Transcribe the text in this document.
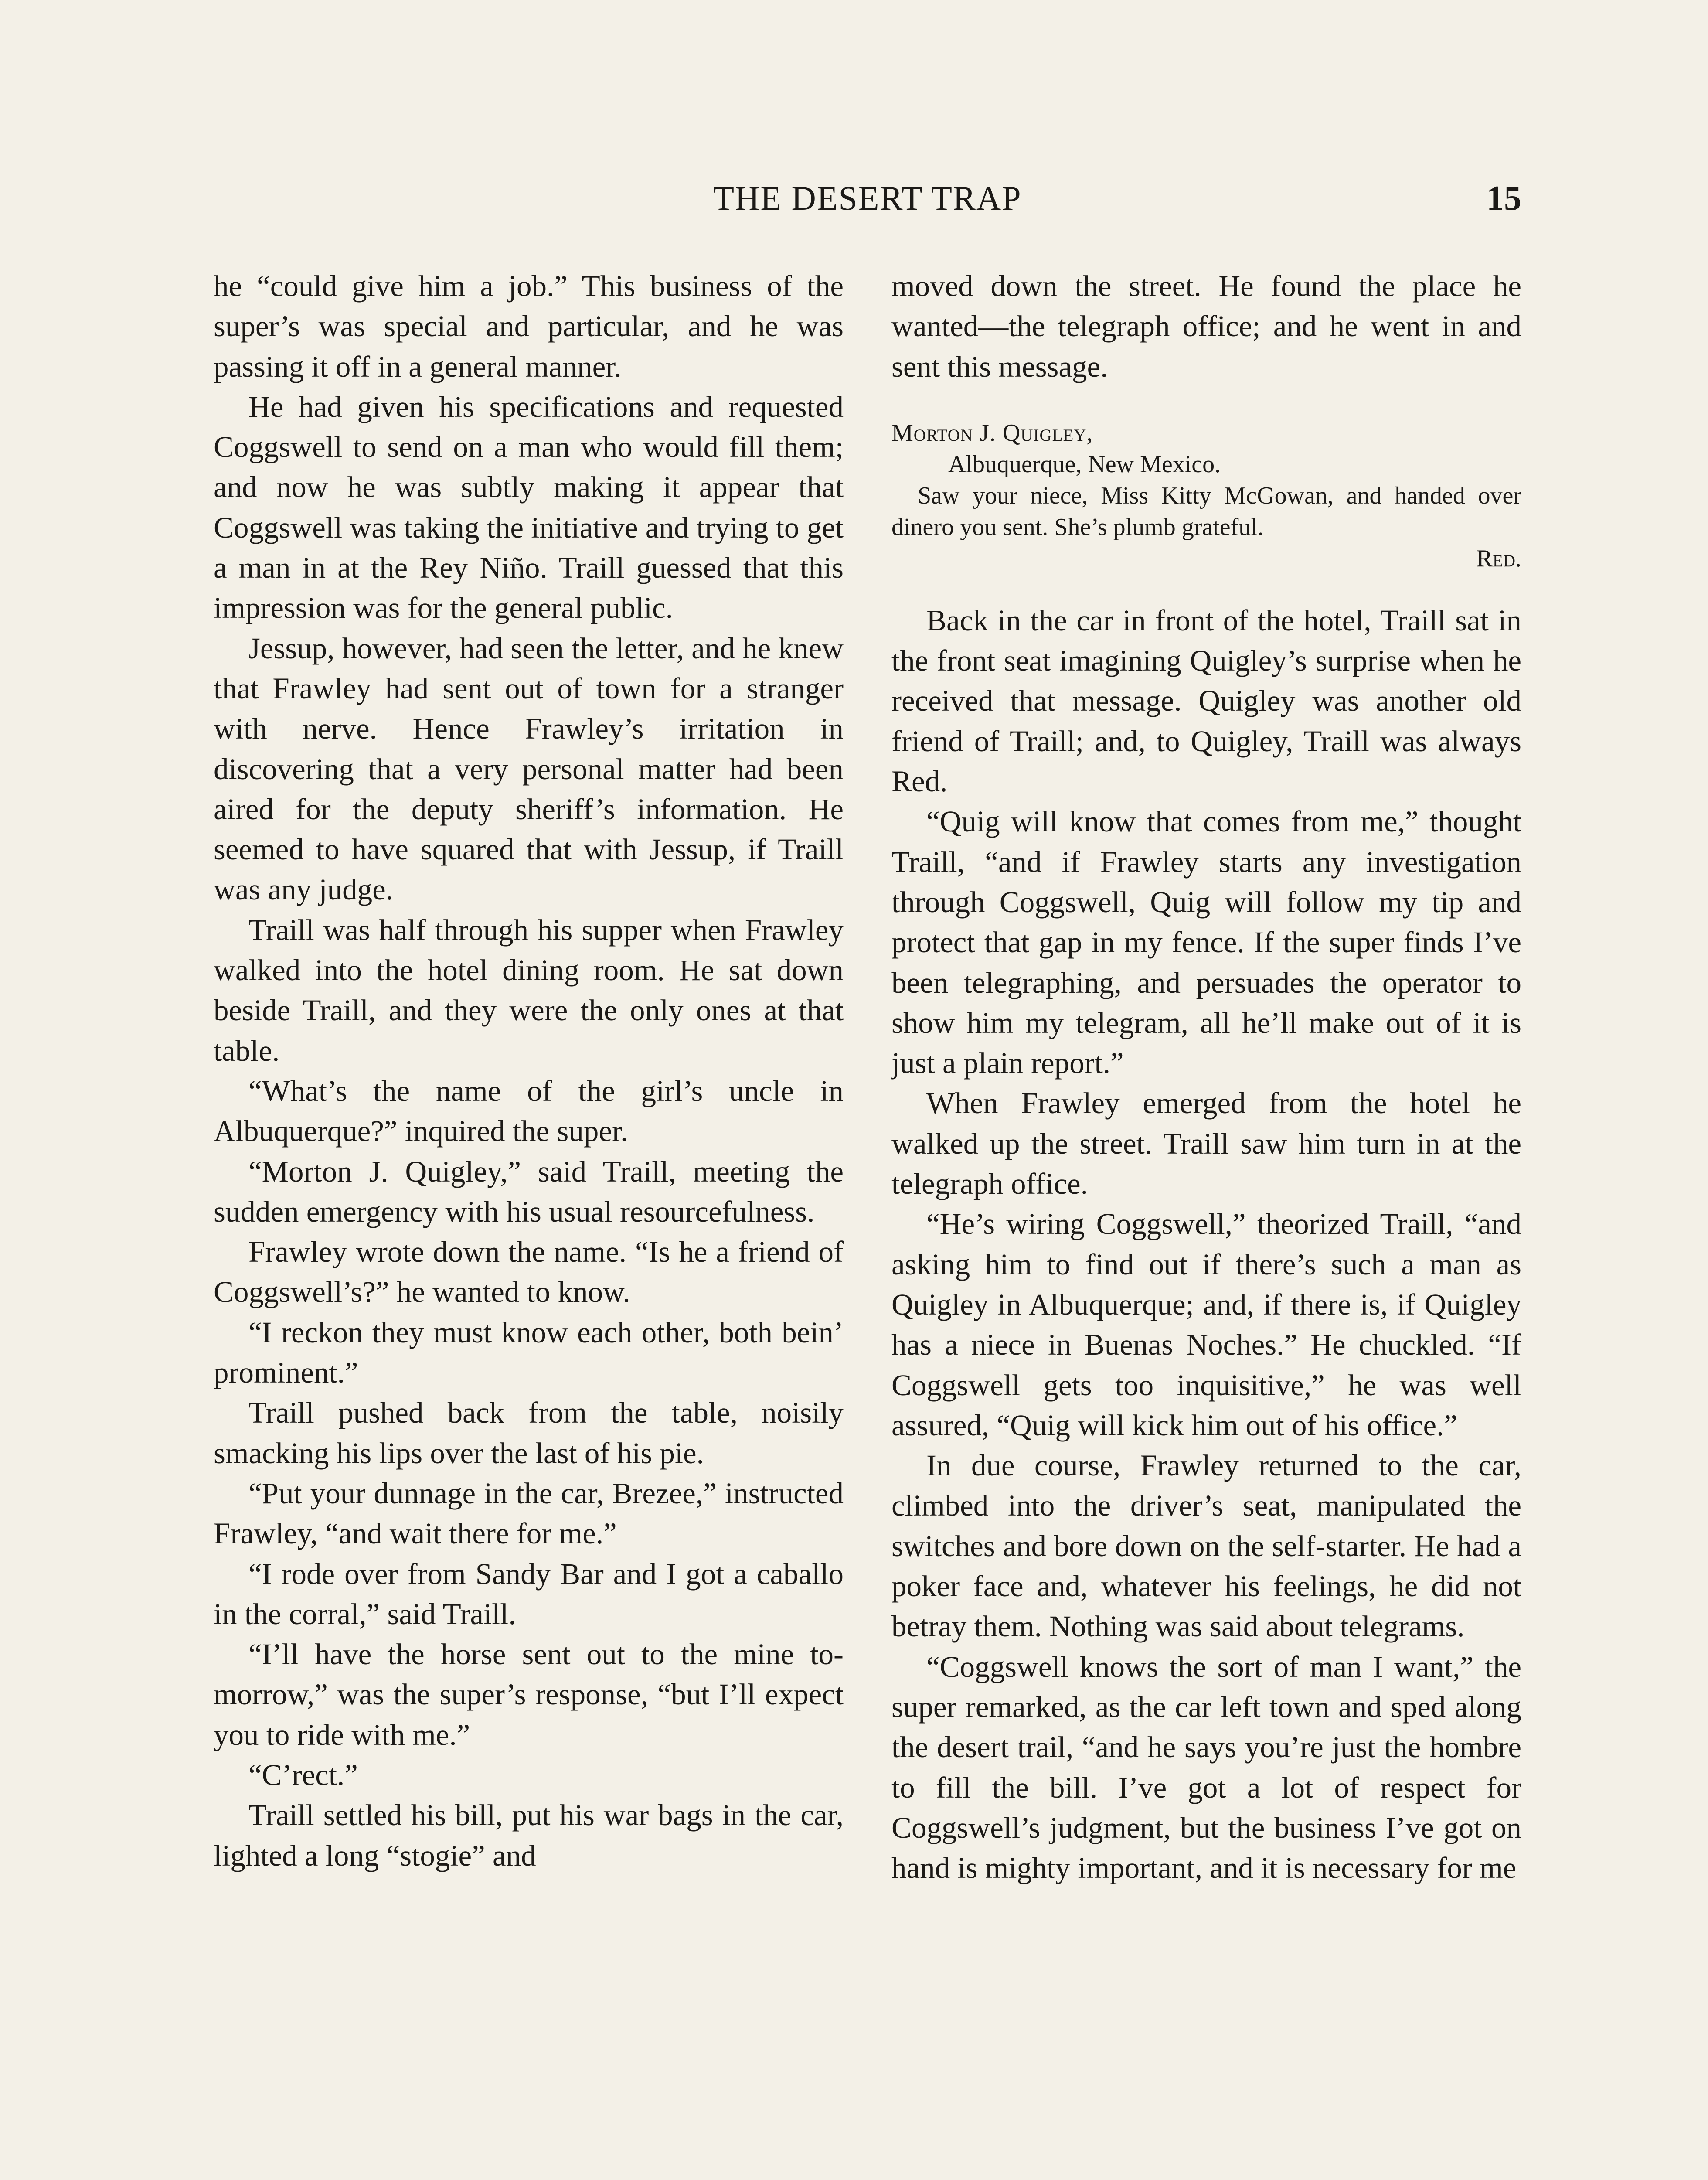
THE DESERT TRAP	15

he “could give him a job.” This business of the super’s was special and particular, and he was passing it off in a general manner.

He had given his specifications and requested Coggswell to send on a man who would fill them; and now he was subtly making it appear that Coggswell was taking the initiative and trying to get a man in at the Rey Niño. Traill guessed that this impression was for the general public.

Jessup, however, had seen the letter, and he knew that Frawley had sent out of town for a stranger with nerve. Hence Frawley’s irritation in discovering that a very personal matter had been aired for the deputy sheriff’s information. He seemed to have squared that with Jessup, if Traill was any judge.

Traill was half through his supper when Frawley walked into the hotel dining room. He sat down beside Traill, and they were the only ones at that table.

“What’s the name of the girl’s uncle in Albuquerque?” inquired the super.

“Morton J. Quigley,” said Traill, meeting the sudden emergency with his usual resourcefulness.

Frawley wrote down the name. “Is he a friend of Coggswell’s?” he wanted to know.

“I reckon they must know each other, both bein’ prominent.”

Traill pushed back from the table, noisily smacking his lips over the last of his pie.

“Put your dunnage in the car, Brezee,” instructed Frawley, “and wait there for me.”

“I rode over from Sandy Bar and I got a caballo in the corral,” said Traill.

“I’ll have the horse sent out to the mine to-morrow,” was the super’s response, “but I’ll expect you to ride with me.”

“C’rect.”

Traill settled his bill, put his war bags in the car, lighted a long “stogie” and

moved down the street. He found the place he wanted—the telegraph office; and he went in and sent this message.

Morton J. Quigley,
Albuquerque, New Mexico.
Saw your niece, Miss Kitty McGowan, and handed over dinero you sent. She’s plumb grateful.
Red.

Back in the car in front of the hotel, Traill sat in the front seat imagining Quigley’s surprise when he received that message. Quigley was another old friend of Traill; and, to Quigley, Traill was always Red.

“Quig will know that comes from me,” thought Traill, “and if Frawley starts any investigation through Coggswell, Quig will follow my tip and protect that gap in my fence. If the super finds I’ve been telegraphing, and persuades the operator to show him my telegram, all he’ll make out of it is just a plain report.”

When Frawley emerged from the hotel he walked up the street. Traill saw him turn in at the telegraph office.

“He’s wiring Coggswell,” theorized Traill, “and asking him to find out if there’s such a man as Quigley in Albuquerque; and, if there is, if Quigley has a niece in Buenas Noches.” He chuckled. “If Coggswell gets too inquisitive,” he was well assured, “Quig will kick him out of his office.”

In due course, Frawley returned to the car, climbed into the driver’s seat, manipulated the switches and bore down on the self-starter. He had a poker face and, whatever his feelings, he did not betray them. Nothing was said about telegrams.

“Coggswell knows the sort of man I want,” the super remarked, as the car left town and sped along the desert trail, “and he says you’re just the hombre to fill the bill. I’ve got a lot of respect for Coggswell’s judgment, but the business I’ve got on hand is mighty important, and it is necessary for me
